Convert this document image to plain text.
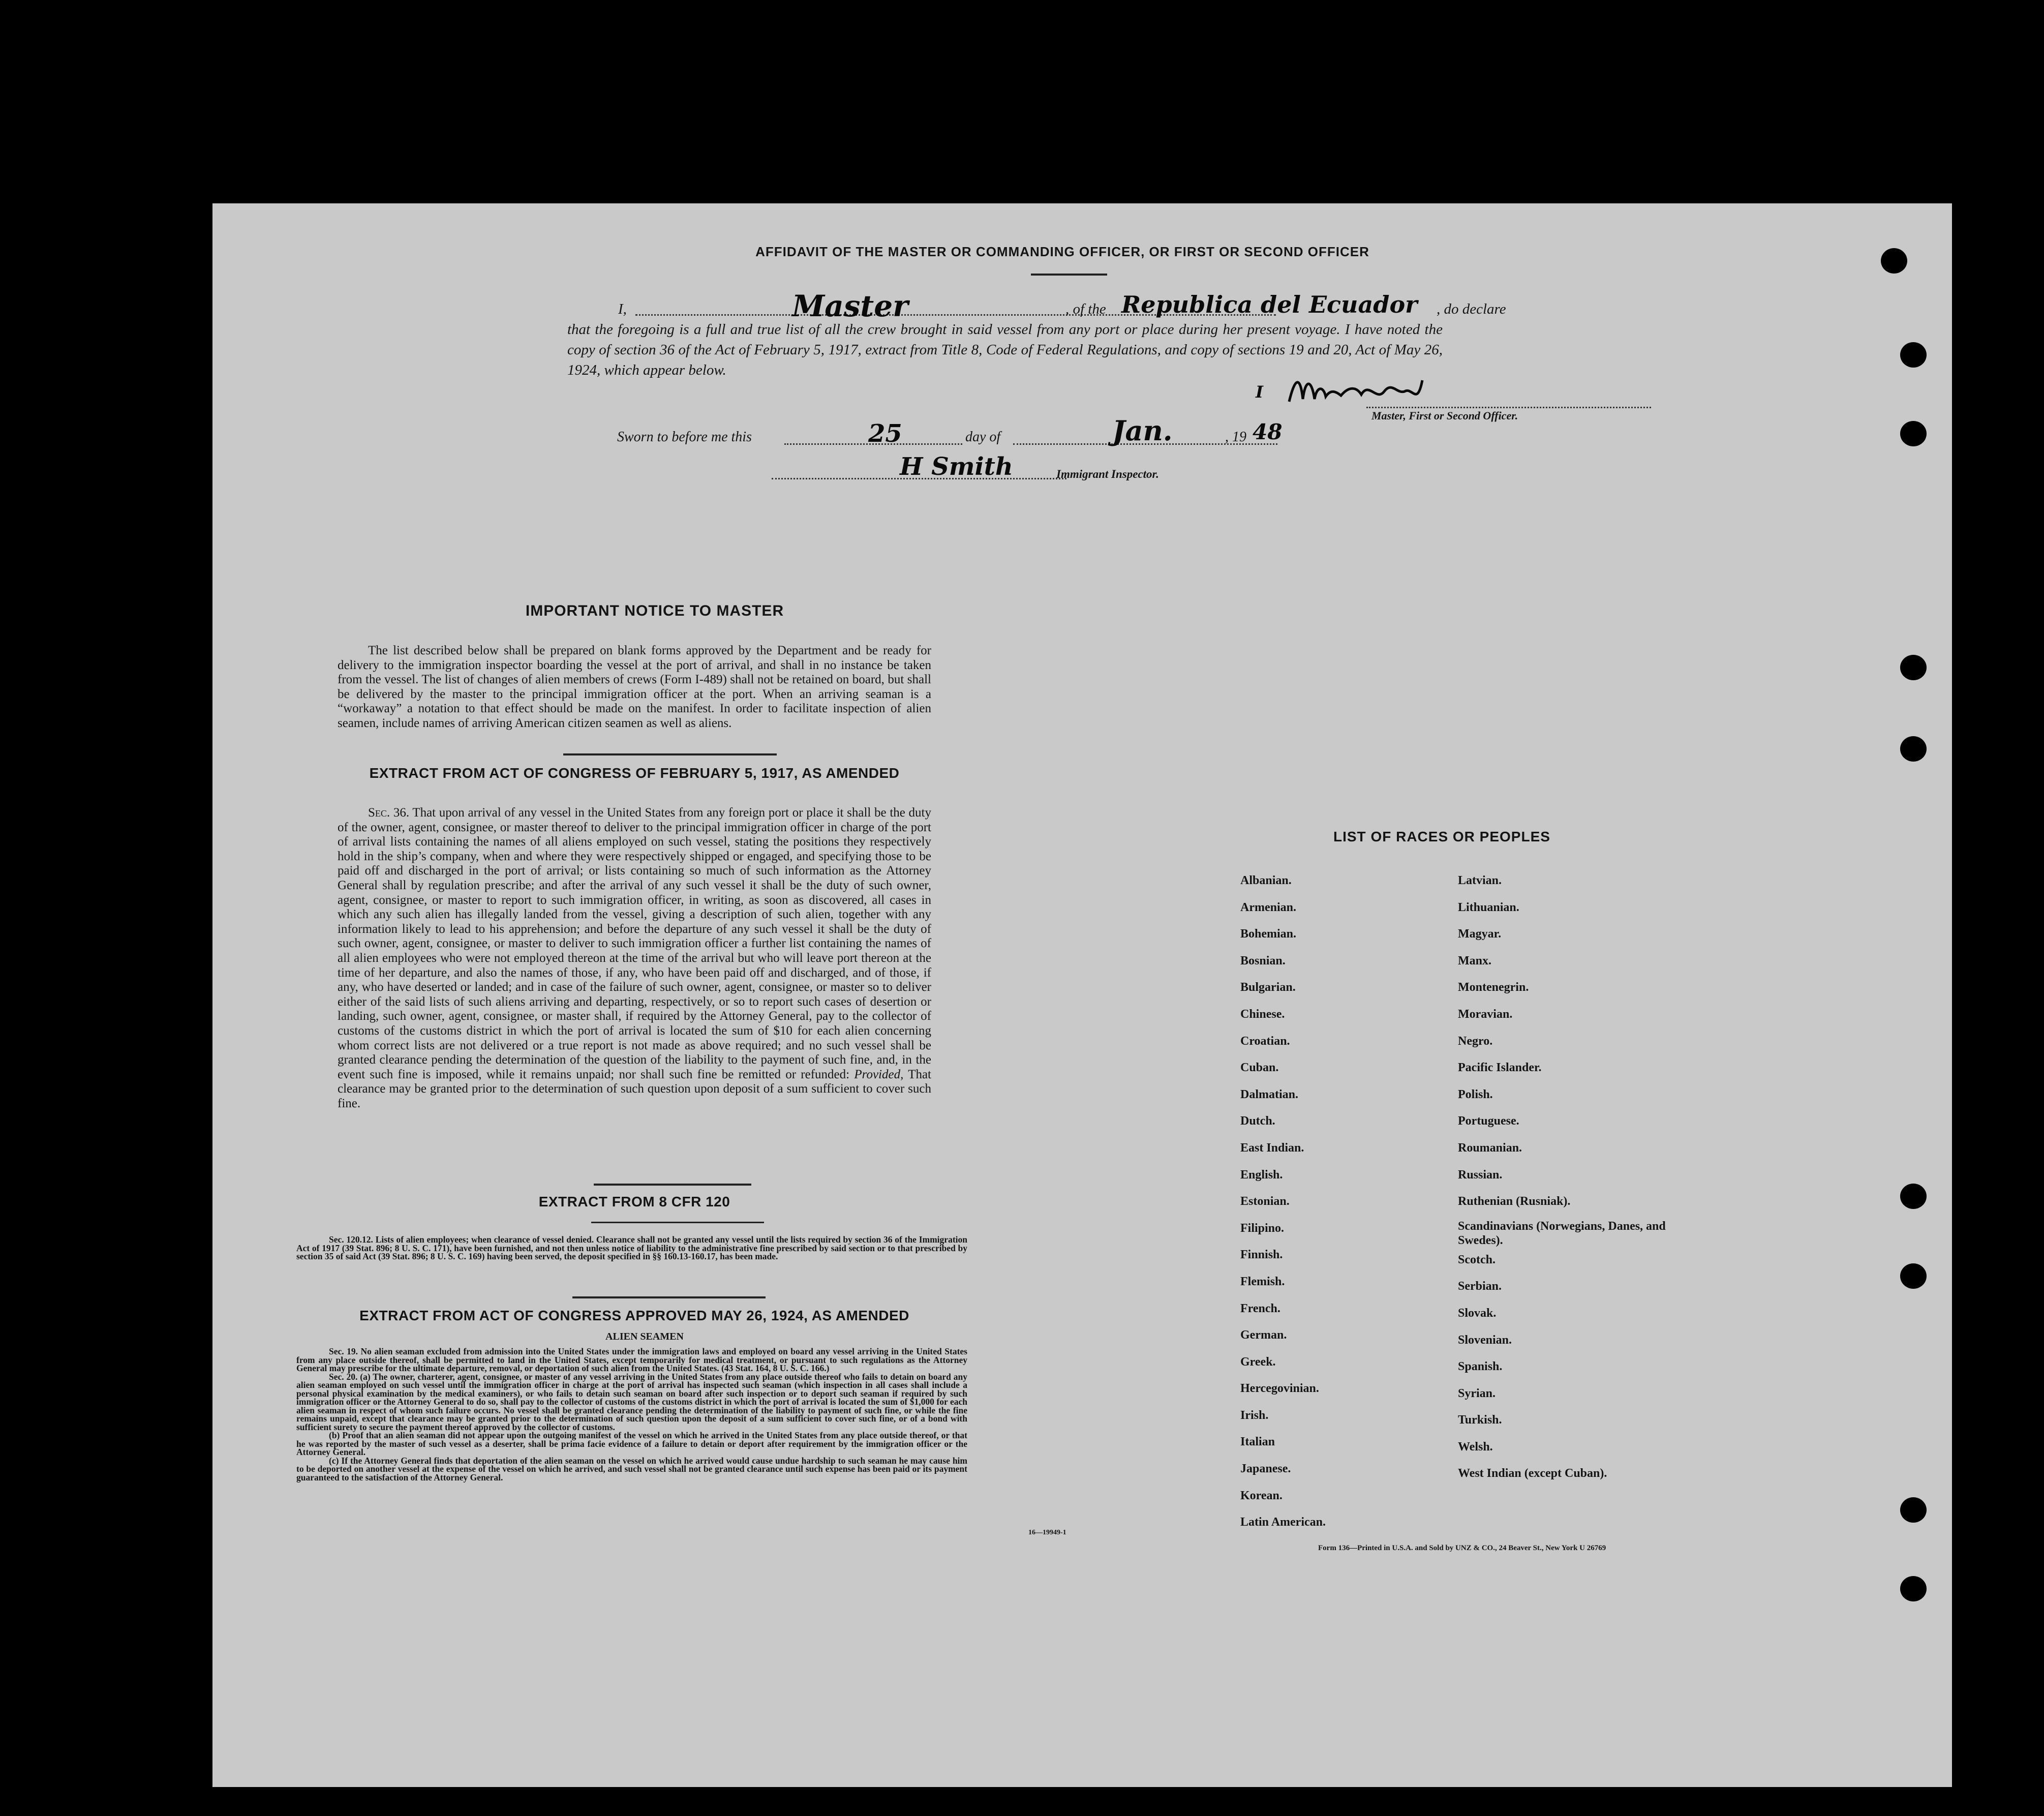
AFFIDAVIT OF THE MASTER OR COMMANDING OFFICER, OR FIRST OR SECOND OFFICER
I,	Master	, of the Republica del Ecuador , do declare
that the foregoing is a full and true list of all the crew brought in said vessel from any port or place during her present voyage. I have noted the copy of section 36 of the Act of February 5, 1917, extract from Title 8, Code of Federal Regulations, and copy of sections 19 and 20, Act of May 26, 1924, which appear below.
I
Master, First or Second Officer.
Sworn to before me this	25	day of	Jan.	, 19 48
H Smith	Immigrant Inspector.
IMPORTANT NOTICE TO MASTER
The list described below shall be prepared on blank forms approved by the Department and be ready for delivery to the immigration inspector boarding the vessel at the port of arrival, and shall in no instance be taken from the vessel. The list of changes of alien members of crews (Form I-489) shall not be retained on board, but shall be delivered by the master to the principal immigration officer at the port. When an arriving seaman is a “workaway” a notation to that effect should be made on the manifest. In order to facilitate inspection of alien seamen, include names of arriving American citizen seamen as well as aliens.
EXTRACT FROM ACT OF CONGRESS OF FEBRUARY 5, 1917, AS AMENDED
Sec. 36. That upon arrival of any vessel in the United States from any foreign port or place it shall be the duty of the owner, agent, consignee, or master thereof to deliver to the principal immigration officer in charge of the port of arrival lists containing the names of all aliens employed on such vessel, stating the positions they respectively hold in the ship’s company, when and where they were respectively shipped or engaged, and specifying those to be paid off and discharged in the port of arrival; or lists containing so much of such information as the Attorney General shall by regulation prescribe; and after the arrival of any such vessel it shall be the duty of such owner, agent, consignee, or master to report to such immigration officer, in writing, as soon as discovered, all cases in which any such alien has illegally landed from the vessel, giving a description of such alien, together with any information likely to lead to his apprehension; and before the departure of any such vessel it shall be the duty of such owner, agent, consignee, or master to deliver to such immigration officer a further list containing the names of all alien employees who were not employed thereon at the time of the arrival but who will leave port thereon at the time of her departure, and also the names of those, if any, who have been paid off and discharged, and of those, if any, who have deserted or landed; and in case of the failure of such owner, agent, consignee, or master so to deliver either of the said lists of such aliens arriving and departing, respectively, or so to report such cases of desertion or landing, such owner, agent, consignee, or master shall, if required by the Attorney General, pay to the collector of customs of the customs district in which the port of arrival is located the sum of $10 for each alien concerning whom correct lists are not delivered or a true report is not made as above required; and no such vessel shall be granted clearance pending the determination of the question of the liability to the payment of such fine, and, in the event such fine is imposed, while it remains unpaid; nor shall such fine be remitted or refunded: Provided, That clearance may be granted prior to the determination of such question upon deposit of a sum sufficient to cover such fine.
EXTRACT FROM 8 CFR 120
Sec. 120.12. Lists of alien employees; when clearance of vessel denied. Clearance shall not be granted any vessel until the lists required by section 36 of the Immigration Act of 1917 (39 Stat. 896; 8 U. S. C. 171), have been furnished, and not then unless notice of liability to the administrative fine prescribed by said section or to that prescribed by section 35 of said Act (39 Stat. 896; 8 U. S. C. 169) having been served, the deposit specified in §§ 160.13-160.17, has been made.
EXTRACT FROM ACT OF CONGRESS APPROVED MAY 26, 1924, AS AMENDED
ALIEN SEAMEN
Sec. 19. No alien seaman excluded from admission into the United States under the immigration laws and employed on board any vessel arriving in the United States from any place outside thereof, shall be permitted to land in the United States, except temporarily for medical treatment, or pursuant to such regulations as the Attorney General may prescribe for the ultimate departure, removal, or deportation of such alien from the United States. (43 Stat. 164, 8 U. S. C. 166.)
Sec. 20. (a) The owner, charterer, agent, consignee, or master of any vessel arriving in the United States from any place outside thereof who fails to detain on board any alien seaman employed on such vessel until the immigration officer in charge at the port of arrival has inspected such seaman (which inspection in all cases shall include a personal physical examination by the medical examiners), or who fails to detain such seaman on board after such inspection or to deport such seaman if required by such immigration officer or the Attorney General to do so, shall pay to the collector of customs of the customs district in which the port of arrival is located the sum of $1,000 for each alien seaman in respect of whom such failure occurs. No vessel shall be granted clearance pending the determination of the liability to payment of such fine, or while the fine remains unpaid, except that clearance may be granted prior to the determination of such question upon the deposit of a sum sufficient to cover such fine, or of a bond with sufficient surety to secure the payment thereof approved by the collector of customs.
(b) Proof that an alien seaman did not appear upon the outgoing manifest of the vessel on which he arrived in the United States from any place outside thereof, or that he was reported by the master of such vessel as a deserter, shall be prima facie evidence of a failure to detain or deport after requirement by the immigration officer or the Attorney General.
(c) If the Attorney General finds that deportation of the alien seaman on the vessel on which he arrived would cause undue hardship to such seaman he may cause him to be deported on another vessel at the expense of the vessel on which he arrived, and such vessel shall not be granted clearance until such expense has been paid or its payment guaranteed to the satisfaction of the Attorney General.
16—19949-1
LIST OF RACES OR PEOPLES
Albanian.
Armenian.
Bohemian.
Bosnian.
Bulgarian.
Chinese.
Croatian.
Cuban.
Dalmatian.
Dutch.
East Indian.
English.
Estonian.
Filipino.
Finnish.
Flemish.
French.
German.
Greek.
Hercegovinian.
Irish.
Italian
Japanese.
Korean.
Latin American.
Latvian.
Lithuanian.
Magyar.
Manx.
Montenegrin.
Moravian.
Negro.
Pacific Islander.
Polish.
Portuguese.
Roumanian.
Russian.
Ruthenian (Rusniak).
Scandinavians (Norwegians, Danes, and Swedes).
Scotch.
Serbian.
Slovak.
Slovenian.
Spanish.
Syrian.
Turkish.
Welsh.
West Indian (except Cuban).
Form 136—Printed in U.S.A. and Sold by UNZ & CO., 24 Beaver St., New York U 26769
